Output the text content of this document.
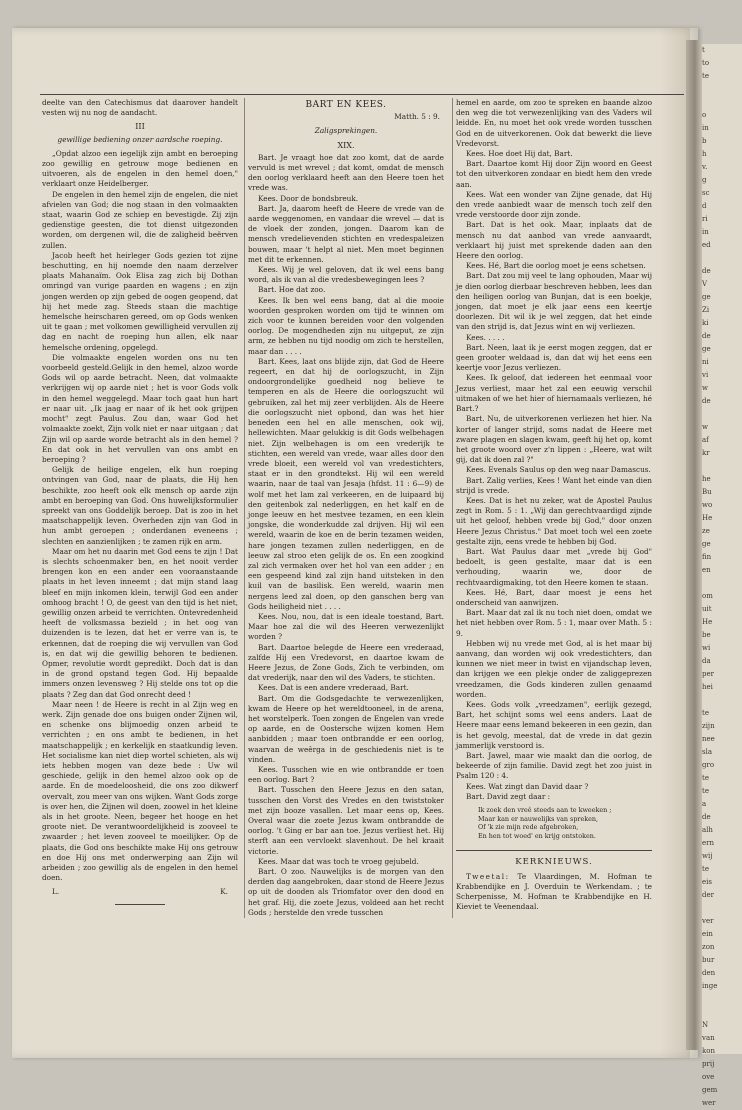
t
to
te

o
in
b
h
v.
g
sc
d
ri
in
ed

de
V
ge
Zi
ki
de
ge
ni
vi
w
de

w
af
kr

he
Bu
wo
He
ze
ge
fin
en

om
uit
He
be
wi
da
per
hei

te
zijn
nee
sla
gro
te
te
a
de
alh
ern
wij
te
eis
der

ver
ein
zon
bur
den
inge

N
van
kon
prij
ove
gem
wer

deelte van den Catechismus dat daarover handelt vesten wij nu nog de aandacht.

III
gewillige bediening onzer aardsche roeping.

„Opdat alzoo een iegelijk zijn ambt en beroeping zoo gewillig en getrouw moge bedienen en uitvoeren, als de engelen in den hemel doen," verklaart onze Heidelberger.

De engelen in den hemel zijn de engelen, die niet afvielen van God; die nog staan in den volmaakten staat, waarin God ze schiep en bevestigde. Zij zijn gedienstige geesten, die tot dienst uitgezonden worden, om dergenen wil, die de zaligheid beërven zullen.

Jacob heeft het heirleger Gods gezien tot zijne beschutting, en hij noemde den naam derzelver plaats Mahanaïm. Ook Elisa zag zich bij Dothan omringd van vurige paarden en wagens ; en zijn jongen werden op zijn gebed de oogen geopend, dat hij het mede zag. Steeds staan die machtige hemelsche heirscharen gereed, om op Gods wenken uit te gaan ; met volkomen gewilligheid vervullen zij dag en nacht de roeping hun allen, elk naar hemelsche ordening, opgelegd.

Die volmaakte engelen worden ons nu ten voorbeeld gesteld.Gelijk in den hemel, alzoo worde Gods wil op aarde betracht. Neen, dat volmaakte verkrijgen wij op aarde niet ; het is voor Gods volk in den hemel weggelegd. Maar toch gaat hun hart er naar uit. „Ik jaag er naar of ik het ook grijpen mocht" zegt Paulus. Zou dan, waar God het volmaakte zoekt, Zijn volk niet er naar uitgaan ; dat Zijn wil op aarde worde betracht als in den hemel ? En dat ook in het vervullen van ons ambt en beroeping ?

Gelijk de heilige engelen, elk hun roeping ontvingen van God, naar de plaats, die Hij hen beschikte, zoo heeft ook elk mensch op aarde zijn ambt en beroeping van God. Ons huwelijksformulier spreekt van ons Goddelijk beroep. Dat is zoo in het maatschappelijk leven. Overheden zijn van God in hun ambt geroepen ; onderdanen eveneens ; slechten en aanzienlijken ; te zamen rijk en arm.

Maar om het nu daarin met God eens te zijn ! Dat is slechts schoenmaker ben, en het nooit verder brengen kon en een ander een vooraanstaande plaats in het leven inneemt ; dat mijn stand laag bleef en mijn inkomen klein, terwijl God een ander omhoog bracht ! O, de geest van den tijd is het niet, gewillig onzen arbeid te verrichten. Ontevredenheid heeft de volksmassa bezield ; in het oog van duizenden is te lezen, dat het er verre van is, te erkennen, dat de roeping die wij vervullen van God is, en dat wij die gewillig behoren te bedienen. Opmer, revolutie wordt gepredikt. Doch dat is dan in de grond opstand tegen God. Hij bepaalde immers onzen levensweg ? Hij stelde ons tot op die plaats ? Zeg dan dat God onrecht deed !

Maar neen ! de Heere is recht in al Zijn weg en werk. Zijn genade doe ons buigen onder Zijnen wil, en schenke ons blijmoedig onzen arbeid te verrichten ; en ons ambt te bedienen, in het maatschappelijk ; en kerkelijk en staatkundig leven. Het socialisme kan niet diep wortel schieten, als wij iets hebben mogen van deze bede : Uw wil geschiede, gelijk in den hemel alzoo ook op de aarde. En de moedeloosheid, die ons zoo dikwerf overvalt, zou meer van ons wijken. Want Gods zorge is over hen, die Zijnen wil doen, zoowel in het kleine als in het groote. Neen, begeer het hooge en het groote niet. De verantwoordelijkheid is zooveel te zwaarder ; het leven zooveel te moeilijker. Op de plaats, die God ons beschikte make Hij ons getrouw en doe Hij ons met onderwerping aan Zijn wil arbeiden ; zoo gewillig als de engelen in den hemel doen.

L.	K.
BART EN KEES.
Matth. 5 : 9.
Zaligsprekingen.
XIX.

Bart. Je vraagt hoe dat zoo komt, dat de aarde vervuld is met wrevel ; dat komt, omdat de mensch den oorlog verklaard heeft aan den Heere toen het vrede was.

Kees. Door de bondsbreuk.

Bart. Ja, daarom heeft de Heere de vrede van de aarde weggenomen, en vandaar die wrevel — dat is de vloek der zonden, jongen. Daarom kan de mensch vredelievenden stichten en vredespaleizen bouwen, maar 't helpt al niet. Men moet beginnen met dit te erkennen.

Kees. Wij je wel geloven, dat ik wel eens bang word, als ik van al die vredesbewegingen lees ?

Bart. Hoe dat zoo.

Kees. Ik ben wel eens bang, dat al die mooie woorden gesproken worden om tijd te winnen om zich voor te kunnen bereiden voor den volgenden oorlog. De mogendheden zijn nu uitgeput, ze zijn arm, ze hebben nu tijd noodig om zich te herstellen, maar dan . . . .

Bart. Kees, laat ons blijde zijn, dat God de Heere regeert, en dat hij de oorlogszucht, in Zijn ondoorgrondelijke goedheid nog believe te temperen en als de Heere die oorlogszucht wil gebruiken, zal het mij zeer verblijden. Als de Heere die oorlogszucht niet opbond, dan was het hier beneden een hel en alle menschen, ook wij, hellewichten. Maar gelukkig is dit Gods welbehagen niet. Zijn welbehagen is om een vrederijk te stichten, een wereld van vrede, waar alles door den vrede bloeit, een wereld vol van vredestichters, staat er in den grondtekst. Hij wil een wereld waarin, naar de taal van Jesaja (hfdst. 11 : 6—9) de wolf met het lam zal verkeeren, en de luipaard bij den geitenbok zal nederliggen, en het kalf en de jonge leeuw en het mestvee tezamen, en een klein jongske, die wonderkudde zal drijven. Hij wil een wereld, waarin de koe en de berin tezamen weiden, hare jongen tezamen zullen nederliggen, en de leeuw zal stroo eten gelijk de os. En een zoogkind zal zich vermaken over het hol van een adder ; en een gespeend kind zal zijn hand uitsteken in den kuil van de basilisk. Een wereld, waarin men nergens leed zal doen, op den ganschen berg van Gods heiligheid niet . . . .

Kees. Nou, nou, dat is een ideale toestand, Bart. Maar hoe zal die wil des Heeren verwezenlijkt worden ?

Bart. Daartoe belegde de Heere een vrederaad, zalfde Hij een Vredevorst, en daartoe kwam de Heere Jezus, de Zone Gods, Zich te verbinden, om dat vrederijk, naar den wil des Vaders, te stichten.

Kees. Dat is een andere vrederaad, Bart.

Bart. Om die Godsgedachte te verwezenlijken, kwam de Heere op het wereldtooneel, in de arena, het worstelperk. Toen zongen de Engelen van vrede op aarde, en de Oostersche wijzen komen Hem aanbidden ; maar toen ontbrandde er een oorlog, waarvan de weêrga in de geschiedenis niet is te vinden.

Kees. Tusschen wie en wie ontbrandde er toen een oorlog. Bart ?

Bart. Tusschen den Heere Jezus en den satan, tusschen den Vorst des Vredes en den twiststoker met zijn booze vasallen. Let maar eens op, Kees. Overal waar die zoete Jezus kwam ontbrandde de oorlog. 't Ging er bar aan toe. Jezus verliest het. Hij sterft aan een vervloekt slavenhout. De hel kraait victorie.

Kees. Maar dat was toch te vroeg gejubeld.

Bart. O zoo. Nauwelijks is de morgen van den derden dag aangebroken, daar stond de Heere Jezus op uit de dooden als Triomfator over den dood en het graf. Hij, die zoete Jezus, voldeed aan het recht Gods ; herstelde den vrede tusschen

hemel en aarde, om zoo te spreken en baande alzoo den weg die tot verwezenlijking van des Vaders wil leidde. En, nu moet het ook vrede worden tusschen God en de uitverkorenen. Ook dat bewerkt die lieve Vredevorst.

Kees. Hoe doet Hij dat, Bart.

Bart. Daartoe komt Hij door Zijn woord en Geest tot den uitverkoren zondaar en biedt hem den vrede aan.

Kees. Wat een wonder van Zijne genade, dat Hij den vrede aanbiedt waar de mensch toch zelf den vrede verstoorde door zijn zonde.

Bart. Dat is het ook. Maar, inplaats dat de mensch nu dat aanbod van vrede aanvaardt, verklaart hij juist met sprekende daden aan den Heere den oorlog.

Kees. Hé, Bart die oorlog moet je eens schetsen.

Bart. Dat zou mij veel te lang ophouden, Maar wij je dien oorlog dierbaar beschreven hebben, lees dan den heiligen oorlog van Bunjan, dat is een boekje, jongen, dat moet je elk jaar eens een keertje doorlezen. Dit wil ik je wel zeggen, dat het einde van den strijd is, dat Jezus wint en wij verliezen.

Kees. . . . .

Bart. Neen, laat ik je eerst mogen zeggen, dat er geen grooter weldaad is, dan dat wij het eens een keertje voor Jezus verliezen.

Kees. Ik geloof, dat iedereen het eenmaal voor Jezus verliest, maar het zal een eeuwig verschil uitmaken of we het hier of hiernamaals verliezen, hé Bart.?

Bart. Nu, de uitverkorenen verliezen het hier. Na korter of langer strijd, soms nadat de Heere met zware plagen en slagen kwam, geeft hij het op, komt het groote woord over z'n lippen : „Heere, wat wilt gij, dat ik doen zal ?"

Kees. Evenals Saulus op den weg naar Damascus.

Bart. Zalig verlies, Kees ! Want het einde van dien strijd is vrede.

Kees. Dat is het nu zeker, wat de Apostel Paulus zegt in Rom. 5 : 1. „Wij dan gerechtvaardigd zijnde uit het geloof, hebben vrede bij God," door onzen Heere Jezus Christus." Dat moet toch wel een zoete gestalte zijn, eens vrede te hebben bij God.

Bart. Wat Paulus daar met „vrede bij God" bedoelt, is geen gestalte, maar dat is een verhouding, waarin we, door de rechtvaardigmaking, tot den Heere komen te staan.

Kees. Hé, Bart, daar moest je eens het onderscheid van aanwijzen.

Bart. Maar dat zal ik nu toch niet doen, omdat we het niet hebben over Rom. 5 : 1, maar over Math. 5 : 9.

Hebben wij nu vrede met God, al is het maar bij aanvang, dan worden wij ook vredestichters, dan kunnen we niet meer in twist en vijandschap leven, dan krijgen we een plekje onder de zaliggeprezen vreedzamen, die Gods kinderen zullen genaamd worden.

Kees. Gods volk „vreedzamen", eerlijk gezegd, Bart, het schijnt soms wel eens anders. Laat de Heere maar eens lemand bekeeren in een gezin, dan is het gevolg, meestal, dat de vrede in dat gezin jammerlijk verstoord is.

Bart. Jawel, maar wie maakt dan die oorlog, de bekeerde of zijn familie. David zegt het zoo juist in Psalm 120 : 4.

Kees. Wat zingt dan David daar ?

Bart. David zegt daar :

Ik zoek den vreê steeds aan te kweeken ;
Maar kan er nauwelijks van spreken,
Of 'k zie mijn rede afgebroken,
En hen tot woed' en krijg ontstoken.
KERKNIEUWS.

Tweetal: Te Vlaardingen, M. Hofman te Krabbendijke en J. Overduin te Werkendam. ; te Scherpenisse, M. Hofman te Krabbendijke en H. Kieviet te Veenendaal.
